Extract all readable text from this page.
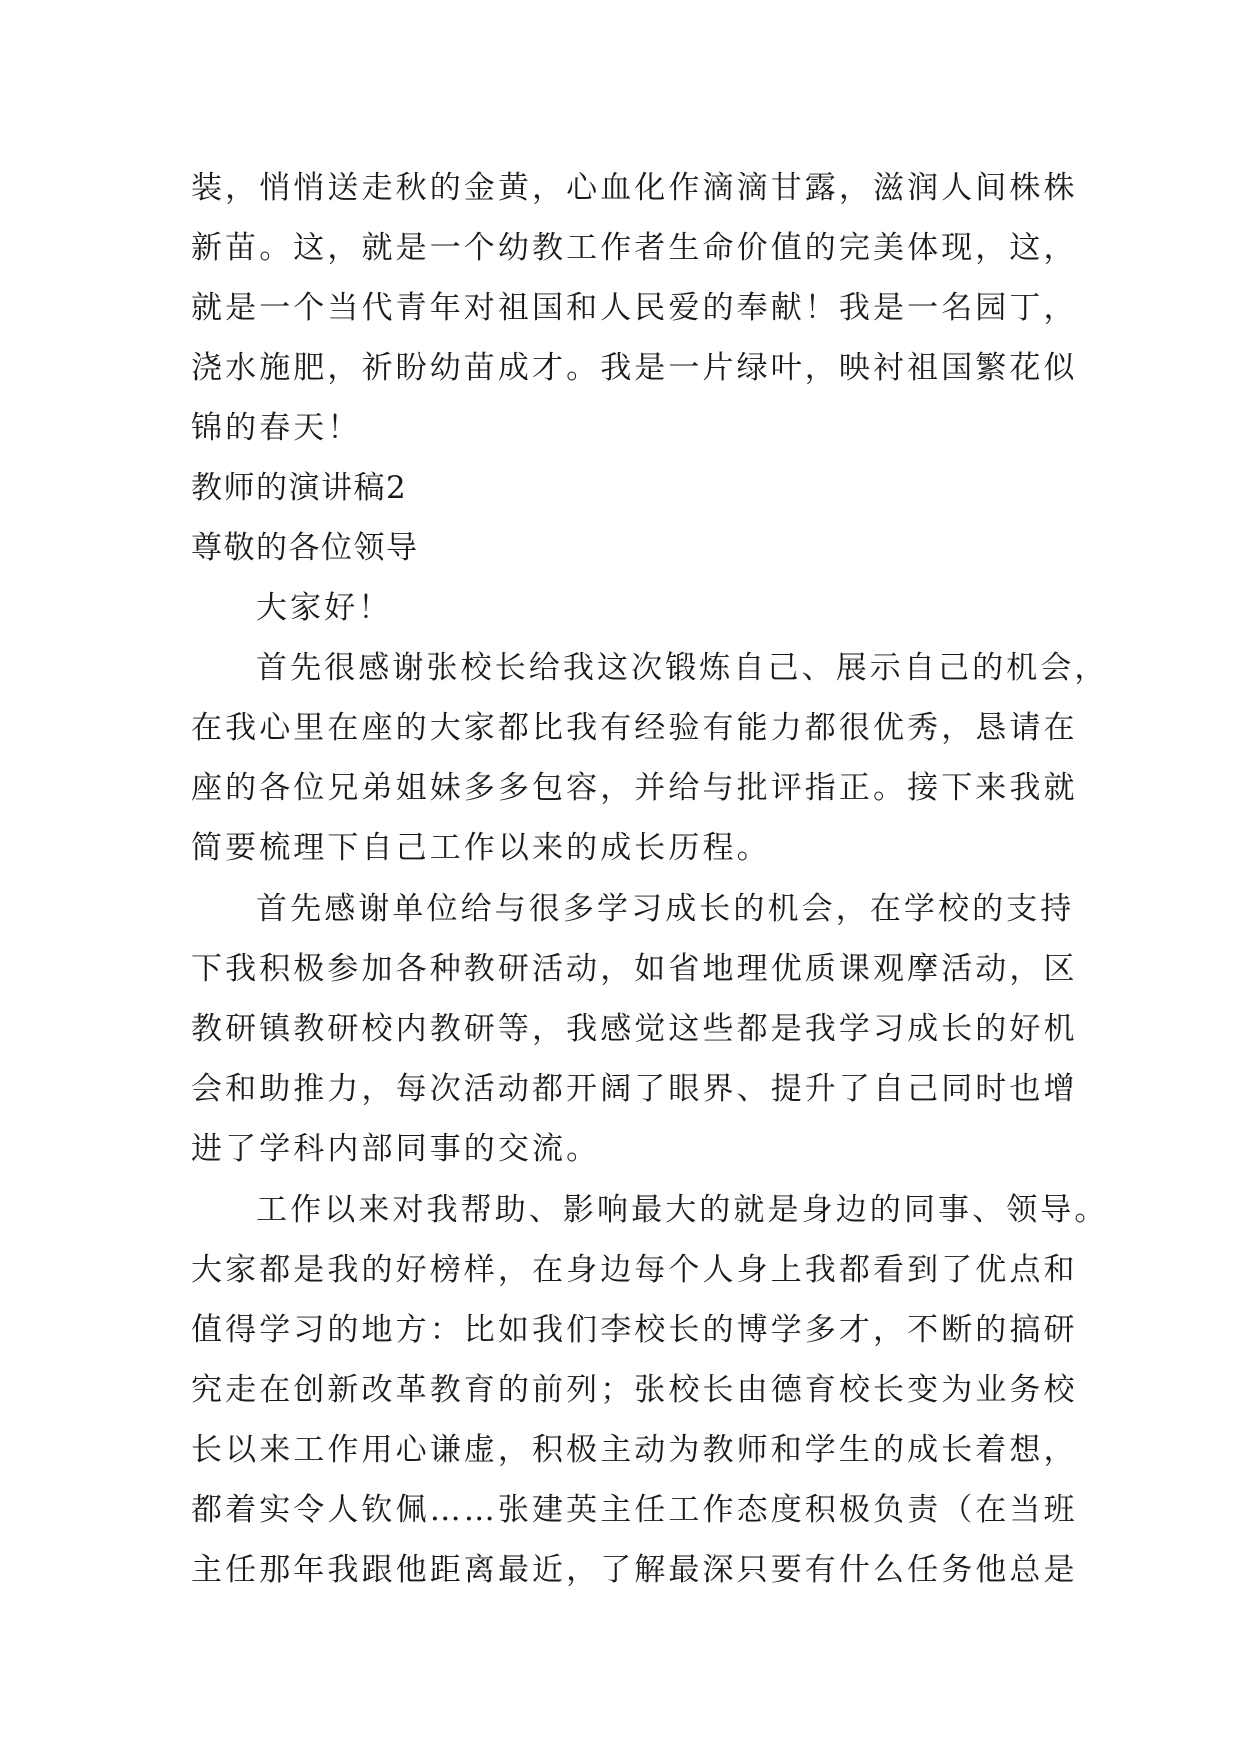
装，悄悄送走秋的金黄，心血化作滴滴甘露，滋润人间株株
新苗。这，就是一个幼教工作者生命价值的完美体现，这，
就是一个当代青年对祖国和人民爱的奉献！我是一名园丁，
浇水施肥，祈盼幼苗成才。我是一片绿叶，映衬祖国繁花似
锦的春天！
教师的演讲稿2
尊敬的各位领导
大家好！
首先很感谢张校长给我这次锻炼自己、展示自己的机会，
在我心里在座的大家都比我有经验有能力都很优秀，恳请在
座的各位兄弟姐妹多多包容，并给与批评指正。接下来我就
简要梳理下自己工作以来的成长历程。
首先感谢单位给与很多学习成长的机会，在学校的支持
下我积极参加各种教研活动，如省地理优质课观摩活动，区
教研镇教研校内教研等，我感觉这些都是我学习成长的好机
会和助推力，每次活动都开阔了眼界、提升了自己同时也增
进了学科内部同事的交流。
工作以来对我帮助、影响最大的就是身边的同事、领导。
大家都是我的好榜样，在身边每个人身上我都看到了优点和
值得学习的地方：比如我们李校长的博学多才，不断的搞研
究走在创新改革教育的前列；张校长由德育校长变为业务校
长以来工作用心谦虚，积极主动为教师和学生的成长着想，
都着实令人钦佩……张建英主任工作态度积极负责（在当班
主任那年我跟他距离最近，了解最深只要有什么任务他总是
